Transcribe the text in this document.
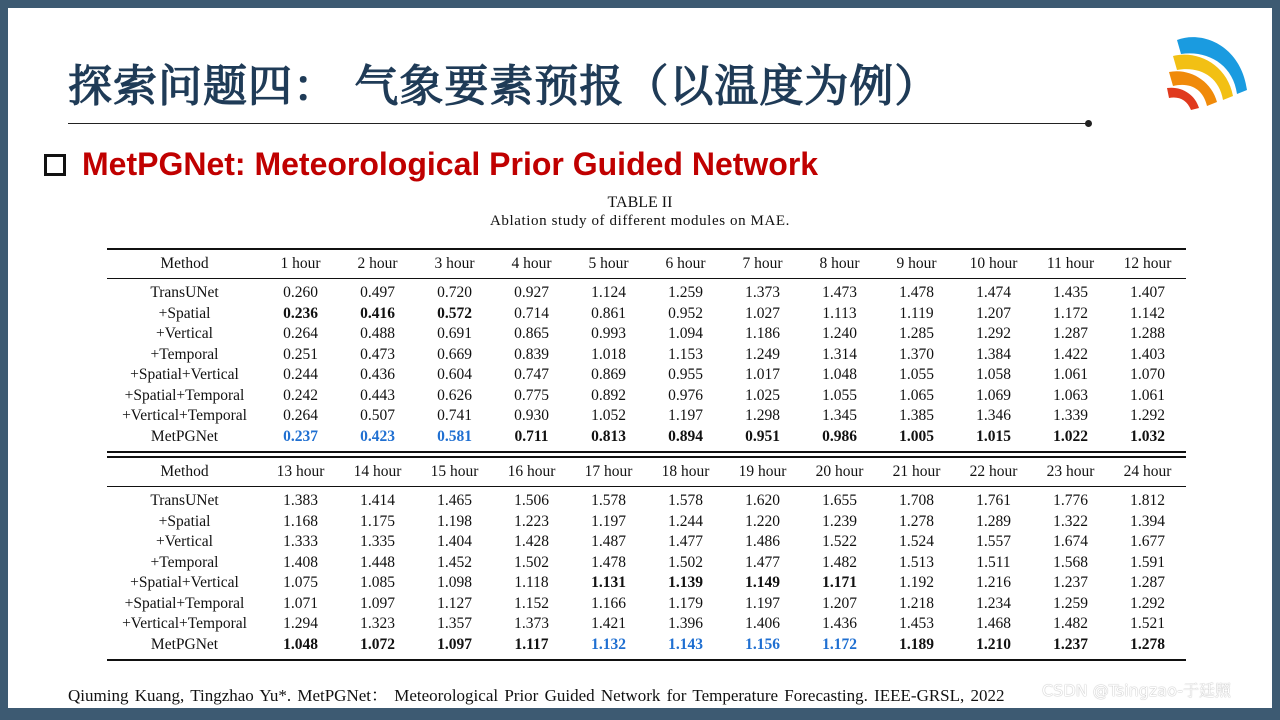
探索问题四： 气象要素预报（以温度为例）
MetPGNet: Meteorological Prior Guided Network
TABLE II
Ablation study of different modules on MAE.
Method	1 hour	2 hour	3 hour	4 hour	5 hour	6 hour	7 hour	8 hour	9 hour	10 hour	11 hour	12 hour
TransUNet	0.260	0.497	0.720	0.927	1.124	1.259	1.373	1.473	1.478	1.474	1.435	1.407
+Spatial	0.236	0.416	0.572	0.714	0.861	0.952	1.027	1.113	1.119	1.207	1.172	1.142
+Vertical	0.264	0.488	0.691	0.865	0.993	1.094	1.186	1.240	1.285	1.292	1.287	1.288
+Temporal	0.251	0.473	0.669	0.839	1.018	1.153	1.249	1.314	1.370	1.384	1.422	1.403
+Spatial+Vertical	0.244	0.436	0.604	0.747	0.869	0.955	1.017	1.048	1.055	1.058	1.061	1.070
+Spatial+Temporal	0.242	0.443	0.626	0.775	0.892	0.976	1.025	1.055	1.065	1.069	1.063	1.061
+Vertical+Temporal	0.264	0.507	0.741	0.930	1.052	1.197	1.298	1.345	1.385	1.346	1.339	1.292
MetPGNet	0.237	0.423	0.581	0.711	0.813	0.894	0.951	0.986	1.005	1.015	1.022	1.032
Method	13 hour	14 hour	15 hour	16 hour	17 hour	18 hour	19 hour	20 hour	21 hour	22 hour	23 hour	24 hour
TransUNet	1.383	1.414	1.465	1.506	1.578	1.578	1.620	1.655	1.708	1.761	1.776	1.812
+Spatial	1.168	1.175	1.198	1.223	1.197	1.244	1.220	1.239	1.278	1.289	1.322	1.394
+Vertical	1.333	1.335	1.404	1.428	1.487	1.477	1.486	1.522	1.524	1.557	1.674	1.677
+Temporal	1.408	1.448	1.452	1.502	1.478	1.502	1.477	1.482	1.513	1.511	1.568	1.591
+Spatial+Vertical	1.075	1.085	1.098	1.118	1.131	1.139	1.149	1.171	1.192	1.216	1.237	1.287
+Spatial+Temporal	1.071	1.097	1.127	1.152	1.166	1.179	1.197	1.207	1.218	1.234	1.259	1.292
+Vertical+Temporal	1.294	1.323	1.357	1.373	1.421	1.396	1.406	1.436	1.453	1.468	1.482	1.521
MetPGNet	1.048	1.072	1.097	1.117	1.132	1.143	1.156	1.172	1.189	1.210	1.237	1.278
Qiuming Kuang, Tingzhao Yu*. MetPGNet： Meteorological Prior Guided Network for Temperature Forecasting. IEEE-GRSL, 2022 CSDN @Tsingzao-于廷照
